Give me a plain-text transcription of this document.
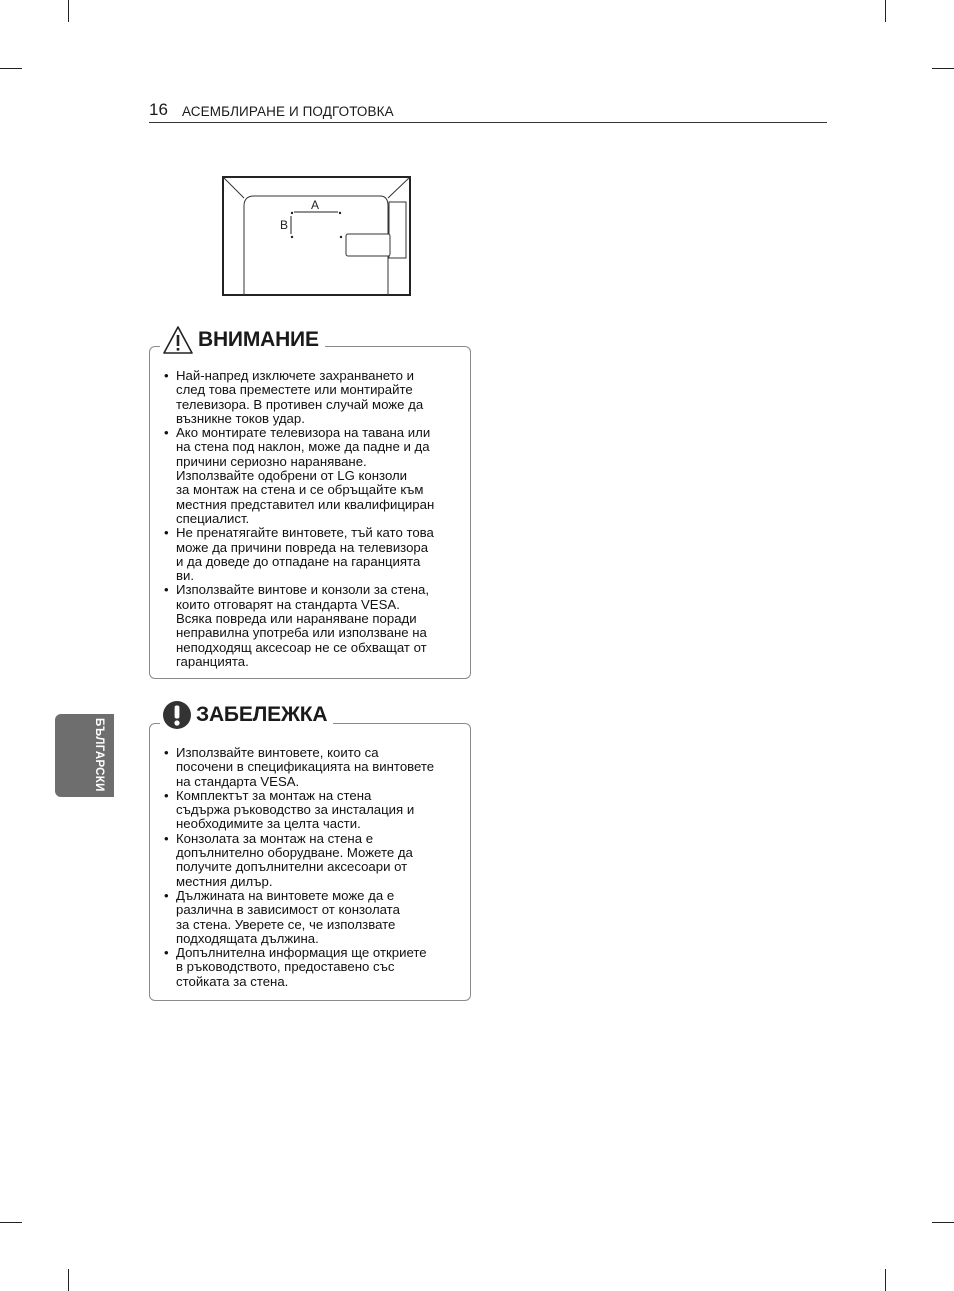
16 АСЕМБЛИРАНЕ И ПОДГОТОВКА
БЪЛГАРСКИ
A
B
ВНИМАНИЕ
• Най-напред изключете захранването и
след това преместете или монтирайте
телевизора. В противен случай може да
възникне токов удар.
• Ако монтирате телевизора на тавана или
на стена под наклон, може да падне и да
причини сериозно нараняване.
Използвайте одобрени от LG конзоли
за монтаж на стена и се обръщайте към
местния представител или квалифициран
специалист.
• Не пренатягайте винтовете, тъй като това
може да причини повреда на телевизора
и да доведе до отпадане на гаранцията
ви.
• Използвайте винтове и конзоли за стена,
които отговарят на стандарта VESA.
Всяка повреда или нараняване поради
неправилна употреба или използване на
неподходящ аксесоар не се обхващат от
гаранцията.
ЗАБЕЛЕЖКА
• Използвайте винтовете, които са
посочени в спецификацията на винтовете
на стандарта VESA.
• Комплектът за монтаж на стена
съдържа ръководство за инсталация и
необходимите за целта части.
• Конзолата за монтаж на стена е
допълнително оборудване. Можете да
получите допълнителни аксесоари от
местния дилър.
• Дължината на винтовете може да е
различна в зависимост от конзолата
за стена. Уверете се, че използвате
подходящата дължина.
• Допълнителна информация ще откриете
в ръководството, предоставено със
стойката за стена.
